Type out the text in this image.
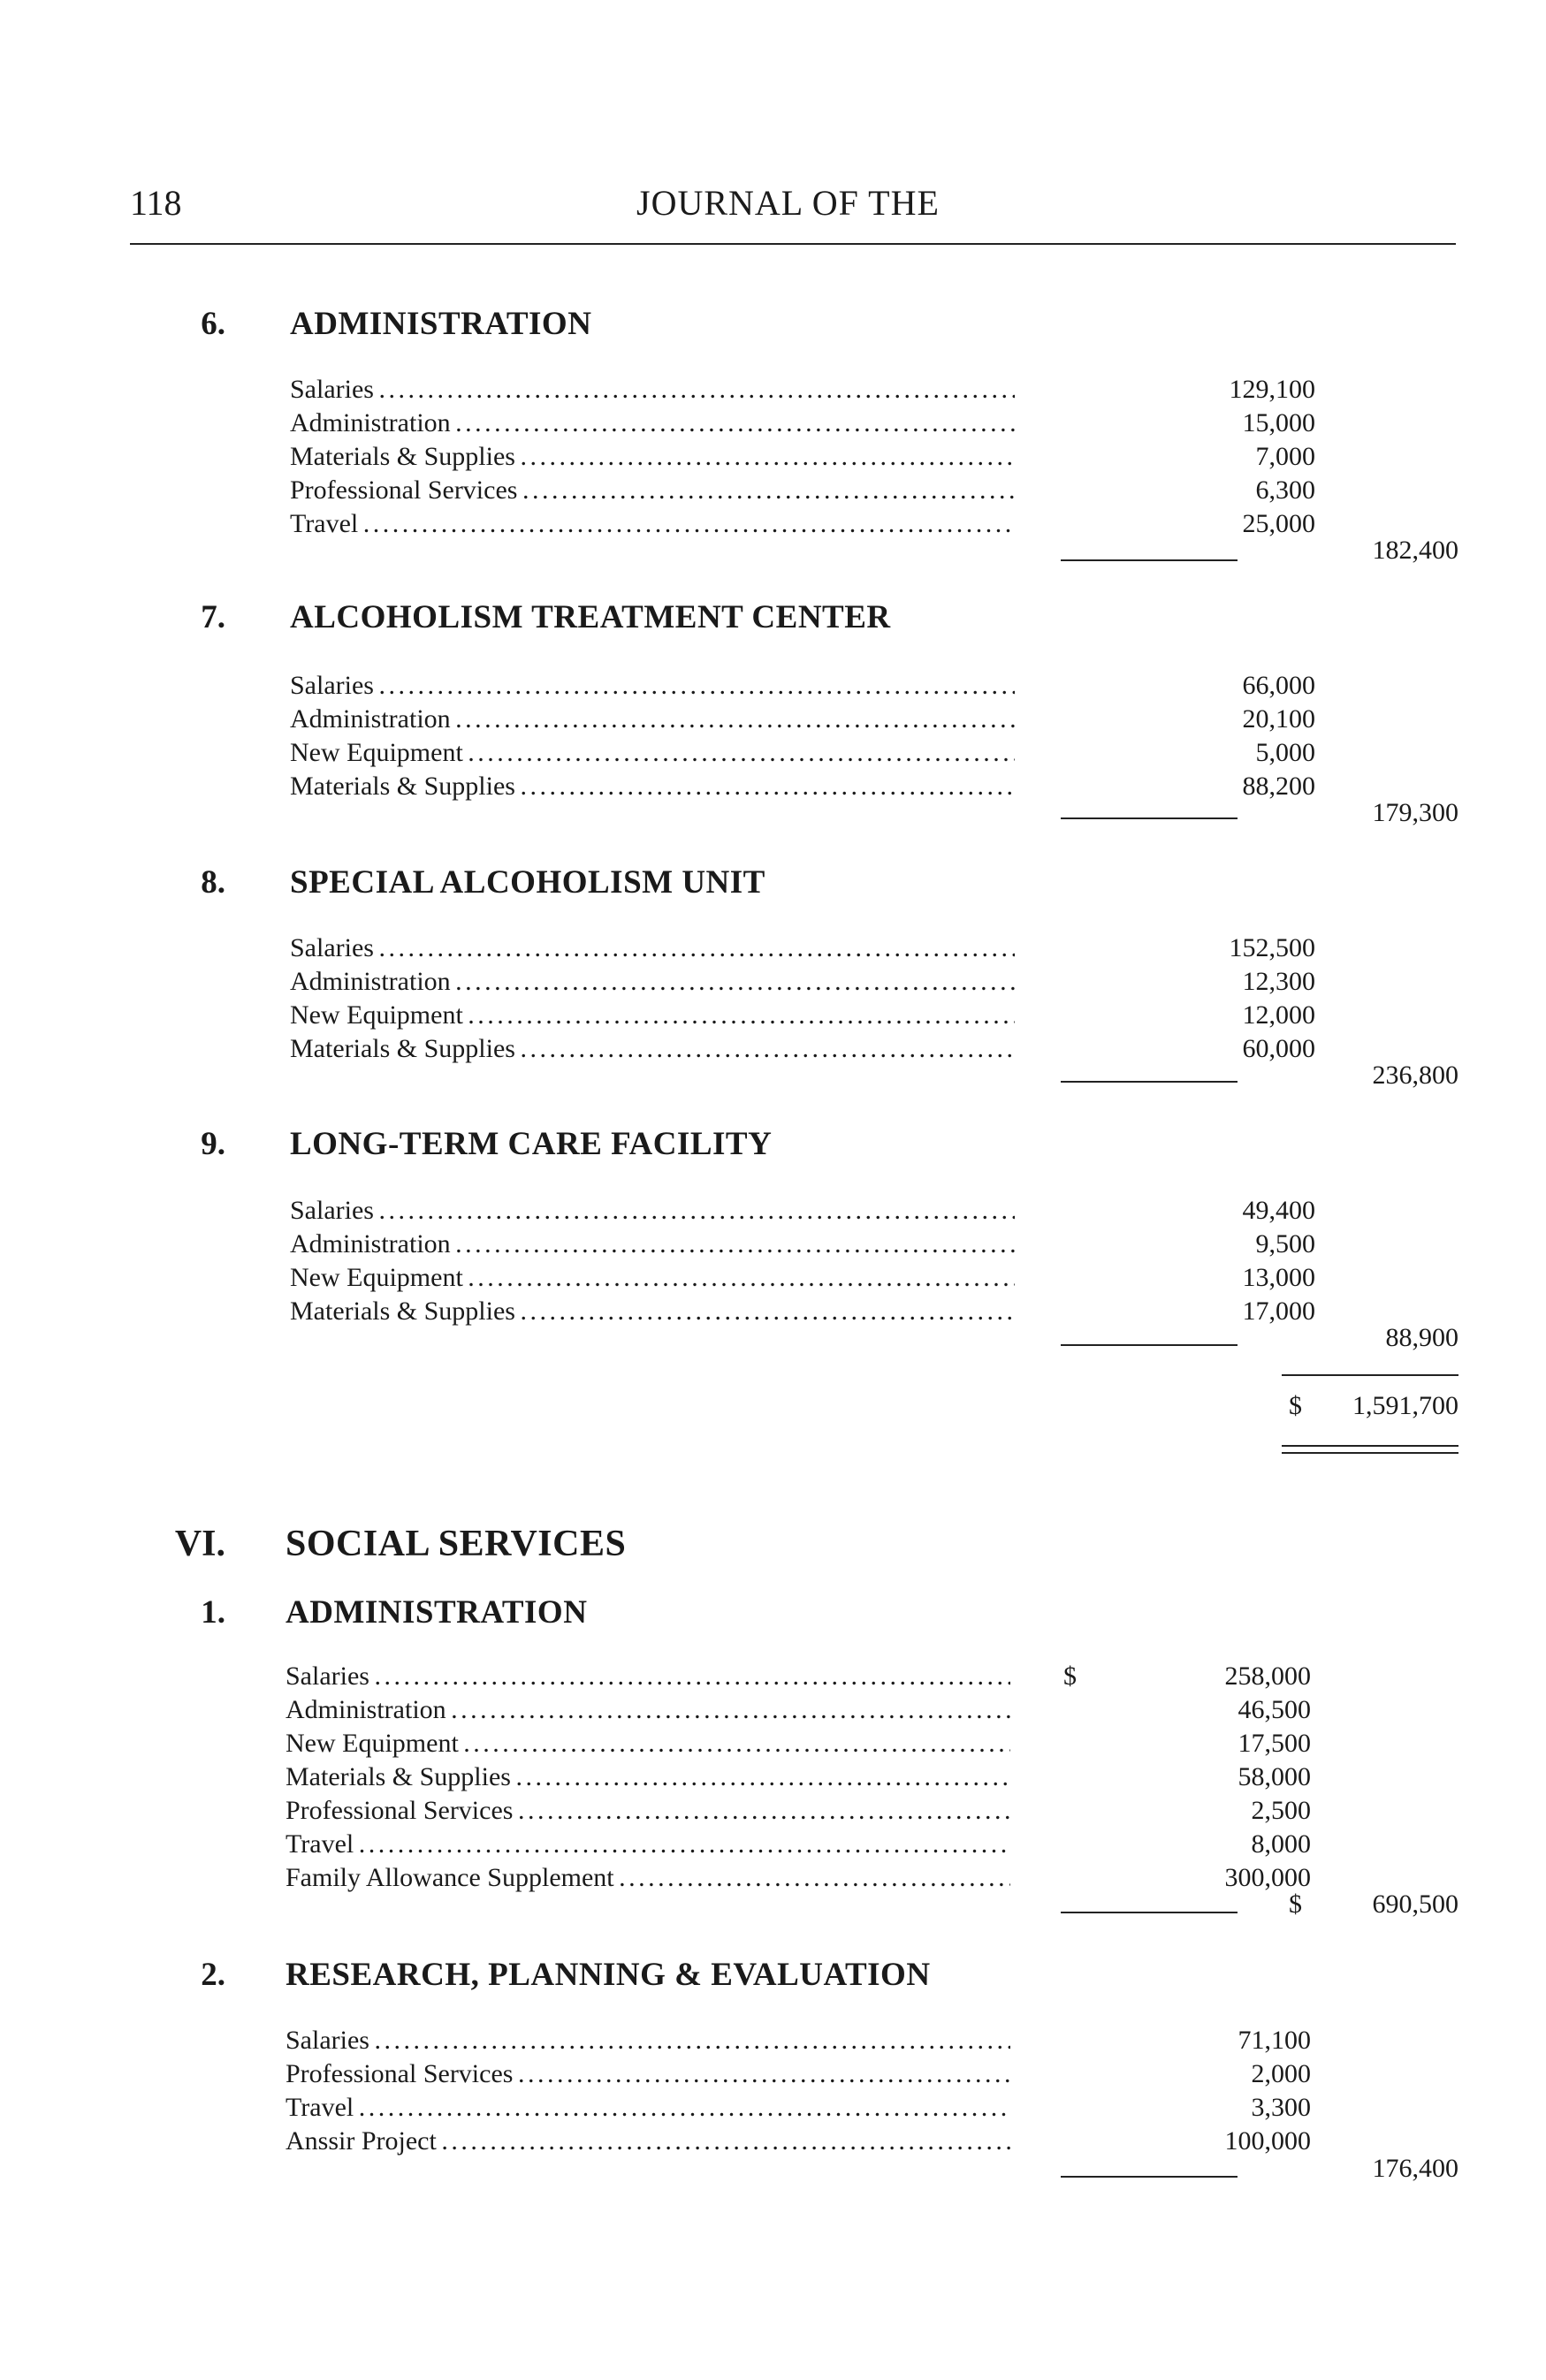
118	JOURNAL OF THE
6. ADMINISTRATION
Salaries . . .	129,100
Administration . . .	15,000
Materials & Supplies . . .	7,000
Professional Services . . .	6,300
Travel . . .	25,000
182,400
7. ALCOHOLISM TREATMENT CENTER
Salaries . . .	66,000
Administration . . .	20,100
New Equipment . . .	5,000
Materials & Supplies . . .	88,200
179,300
8. SPECIAL ALCOHOLISM UNIT
Salaries . . .	152,500
Administration . . .	12,300
New Equipment . . .	12,000
Materials & Supplies . . .	60,000
236,800
9. LONG-TERM CARE FACILITY
Salaries . . .	49,400
Administration . . .	9,500
New Equipment . . .	13,000
Materials & Supplies . . .	17,000
88,900
$ 1,591,700
VI. SOCIAL SERVICES
1. ADMINISTRATION
Salaries . . .	$	258,000
Administration . . .	46,500
New Equipment . . .	17,500
Materials & Supplies . . .	58,000
Professional Services . . .	2,500
Travel . . .	8,000
Family Allowance Supplement . . .	300,000
$	690,500
2. RESEARCH, PLANNING & EVALUATION
Salaries . . .	71,100
Professional Services . . .	2,000
Travel . . .	3,300
Anssir Project . . .	100,000
176,400
